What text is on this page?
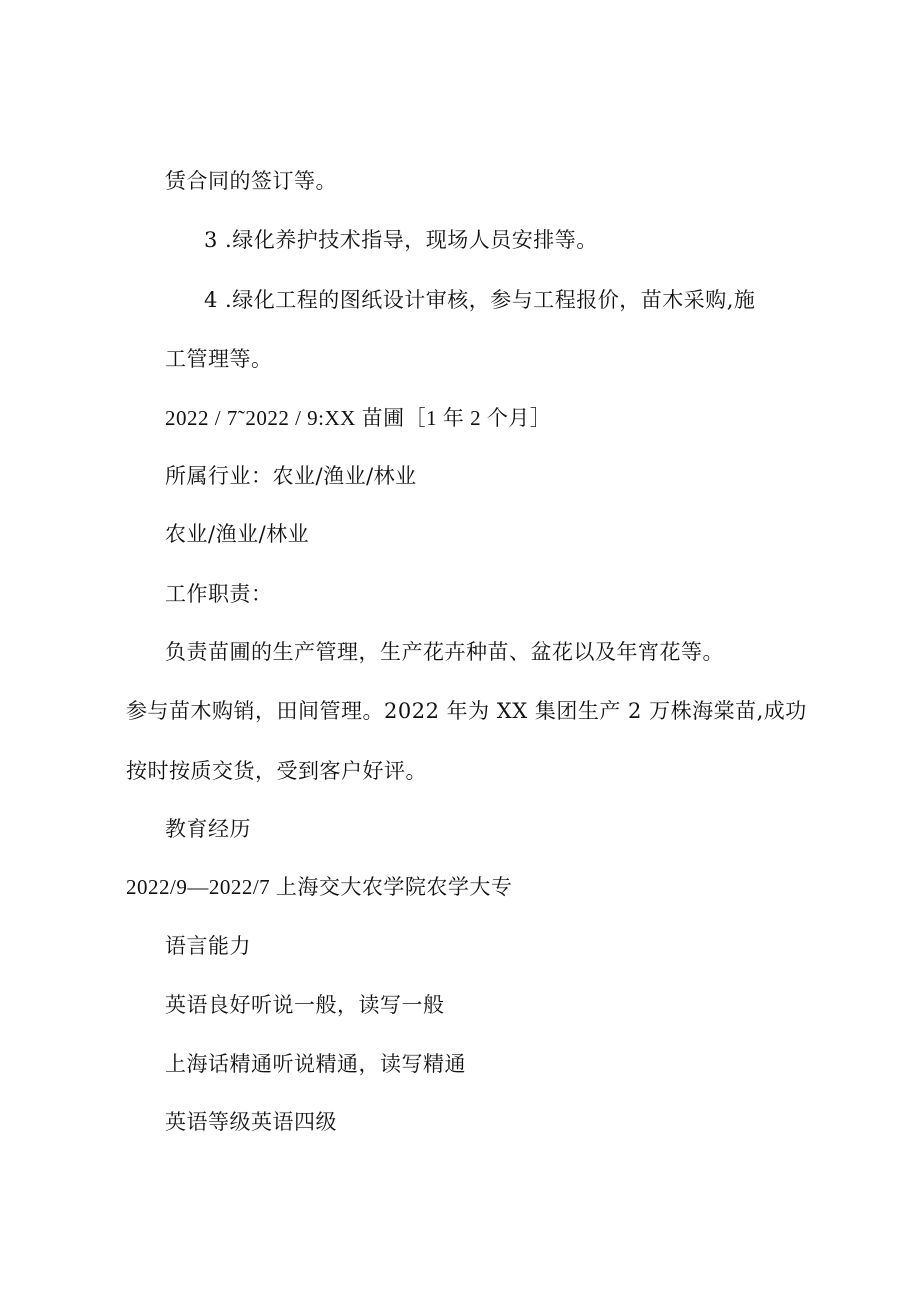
赁合同的签订等。

3 .绿化养护技术指导，现场人员安排等。

4 .绿化工程的图纸设计审核，参与工程报价，苗木采购,施

工管理等。

2022 / 7˜2022 / 9:XX 苗圃［1 年 2 个月］

所属行业：农业/渔业/林业

农业/渔业/林业

工作职责：

负责苗圃的生产管理，生产花卉种苗、盆花以及年宵花等。

参与苗木购销，田间管理。2022 年为 XX 集团生产 2 万株海棠苗,成功

按时按质交货，受到客户好评。

教育经历

2022/9—2022/7 上海交大农学院农学大专

语言能力

英语良好听说一般，读写一般

上海话精通听说精通，读写精通

英语等级英语四级
